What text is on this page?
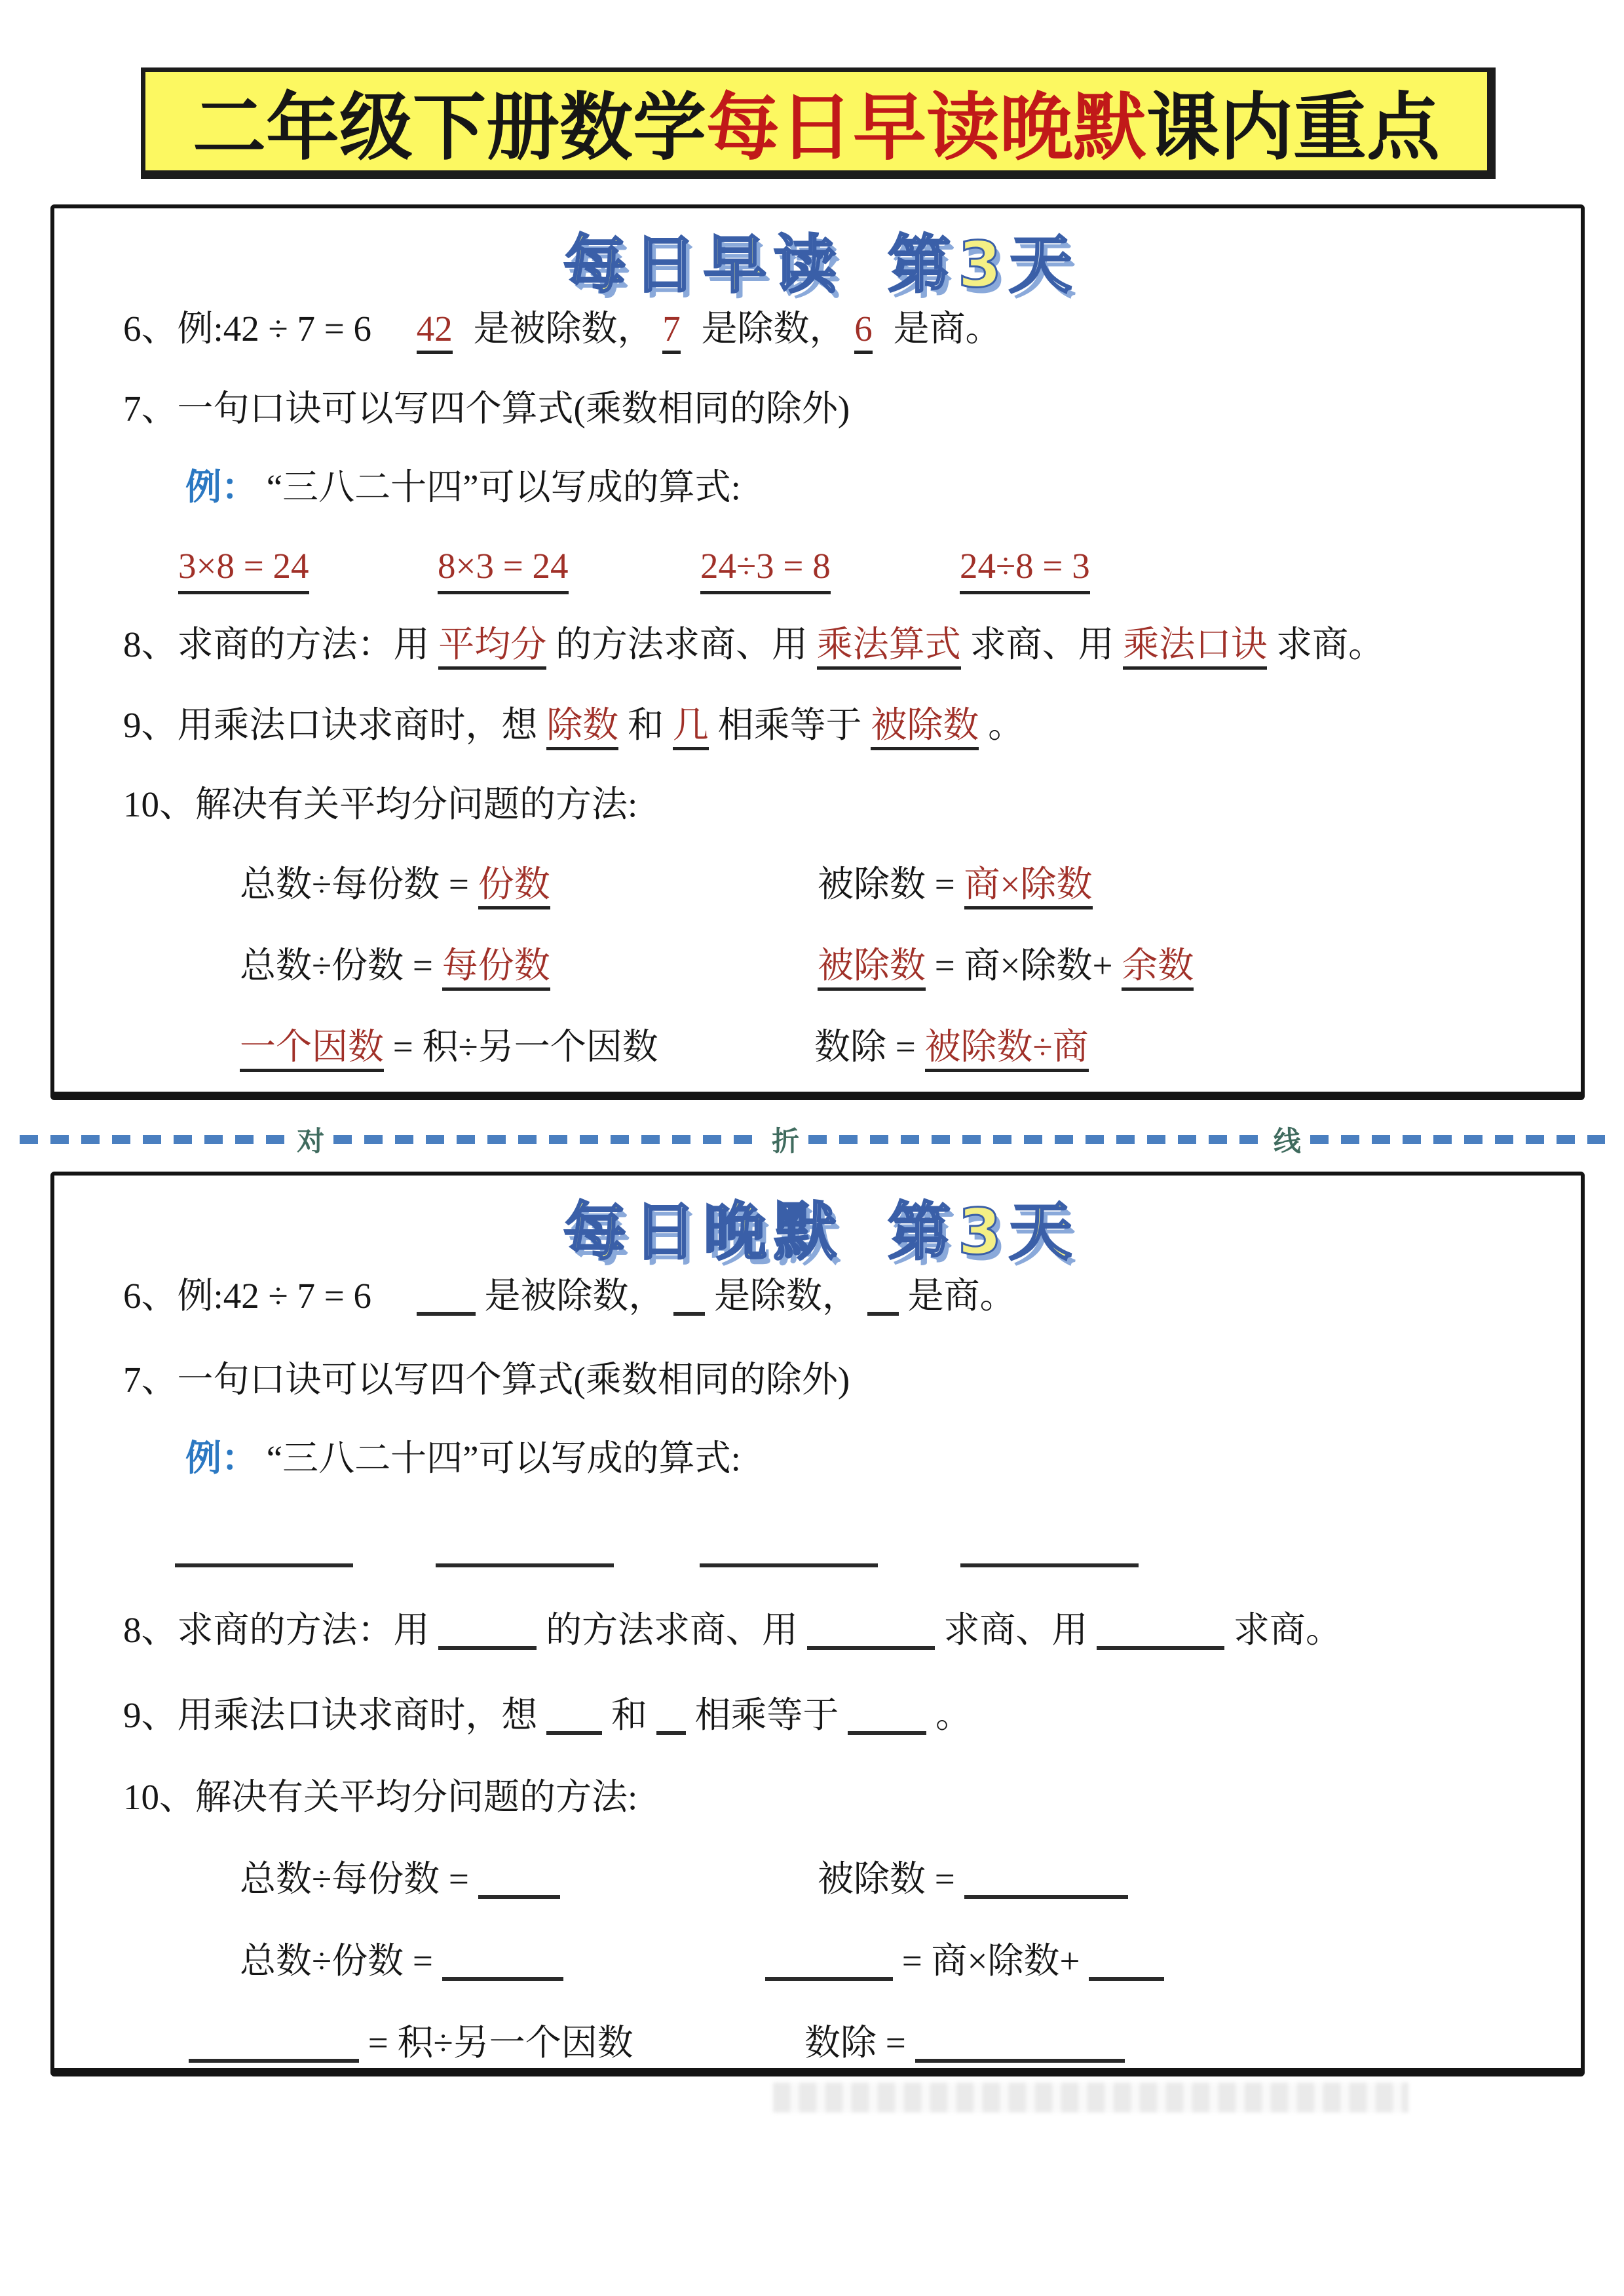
二年级下册数学 每日早读晚默 课内重点
每 日 早 读 第 3 天
6、例:42 ÷ 7 = 6 42 是被除数， 7 是除数， 6 是商。
7、一句口诀可以写四个算式(乘数相同的除外)
例： “三八二十四”可以写成的算式:
3×8 = 24	8×3 = 24	24÷3 = 8	24÷8 = 3
8、求商的方法：用 平均分 的方法求商、用 乘法算式 求商、用 乘法口诀 求商。
9、用乘法口诀求商时，想 除数 和 几 相乘等于 被除数 。
10、解决有关平均分问题的方法:
总数÷每份数 = 份数	被除数 = 商×除数
总数÷份数 = 每份数	被除数 = 商×除数+ 余数
一个因数 = 积÷另一个因数	数除 = 被除数÷商
对	折	线
每 日 晚 默 第 3 天
6、例:42 ÷ 7 = 6	是被除数， 是除数， 是商。
7、一句口诀可以写四个算式(乘数相同的除外)
例： “三八二十四”可以写成的算式:
8、求商的方法：用	的方法求商、用	求商、用	求商。
9、用乘法口诀求商时，想 和 相乘等于	。
10、解决有关平均分问题的方法:
总数÷每份数 =	被除数 =
总数÷份数 =	= 商×除数+
= 积÷另一个因数	数除 =
